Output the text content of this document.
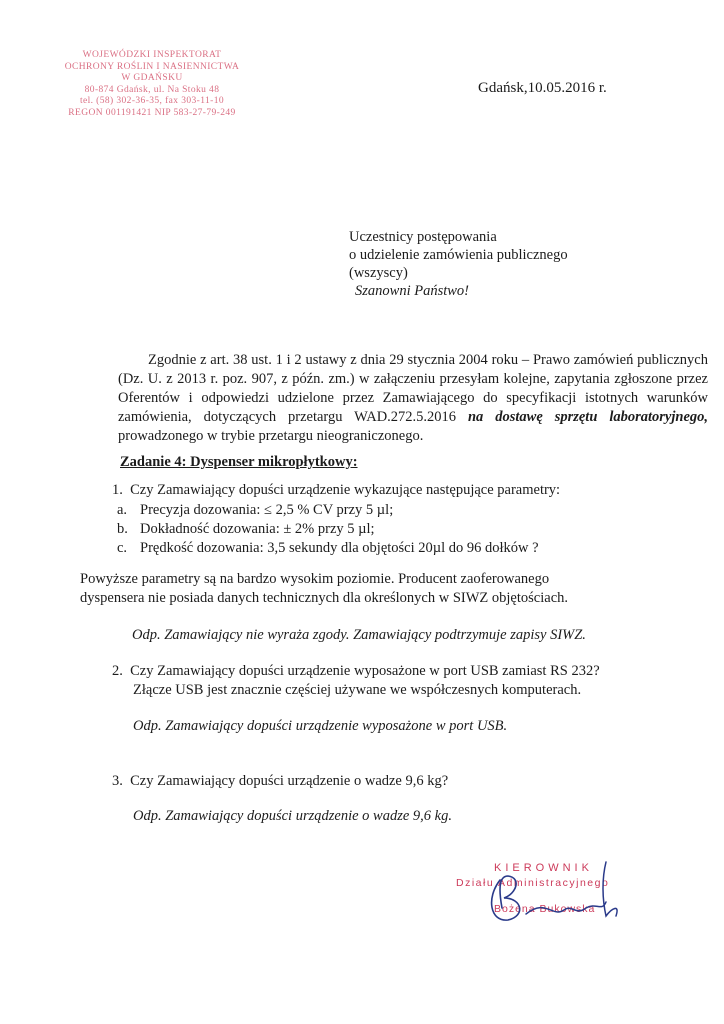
WOJEWÓDZKI INSPEKTORAT
OCHRONY ROŚLIN I NASIENNICTWA
W GDAŃSKU
80-874 Gdańsk, ul. Na Stoku 48
tel. (58) 302-36-35, fax 303-11-10
REGON 001191421 NIP 583-27-79-249
Gdańsk,10.05.2016 r.
Uczestnicy postępowania
o udzielenie zamówienia publicznego
(wszyscy)
Szanowni Państwo!

Zgodnie z art. 38 ust. 1 i 2 ustawy z dnia 29 stycznia 2004 roku – Prawo zamówień publicznych (Dz. U. z 2013 r. poz. 907, z późn. zm.) w załączeniu przesyłam kolejne, zapytania zgłoszone przez Oferentów i odpowiedzi udzielone przez Zamawiającego do specyfikacji istotnych warunków zamówienia, dotyczących przetargu WAD.272.5.2016 na dostawę sprzętu laboratoryjnego, prowadzonego w trybie przetargu nieograniczonego.

Zadanie 4: Dyspenser mikropłytkowy:
1. Czy Zamawiający dopuści urządzenie wykazujące następujące parametry:
a. Precyzja dozowania: ≤ 2,5 % CV przy 5 µl;
b. Dokładność dozowania: ± 2% przy 5 µl;
c. Prędkość dozowania: 3,5 sekundy dla objętości 20µl do 96 dołków ?
Powyższe parametry są na bardzo wysokim poziomie. Producent zaoferowanego dyspensera nie posiada danych technicznych dla określonych w SIWZ objętościach.
Odp. Zamawiający nie wyraża zgody. Zamawiający podtrzymuje zapisy SIWZ.
2. Czy Zamawiający dopuści urządzenie wyposażone w port USB zamiast RS 232?
Złącze USB jest znacznie częściej używane we współczesnych komputerach.
Odp. Zamawiający dopuści urządzenie wyposażone w port USB.
3. Czy Zamawiający dopuści urządzenie o wadze 9,6 kg?
Odp. Zamawiający dopuści urządzenie o wadze 9,6 kg.
KIEROWNIK
Działu Administracyjnego
Bożena Bukowska
